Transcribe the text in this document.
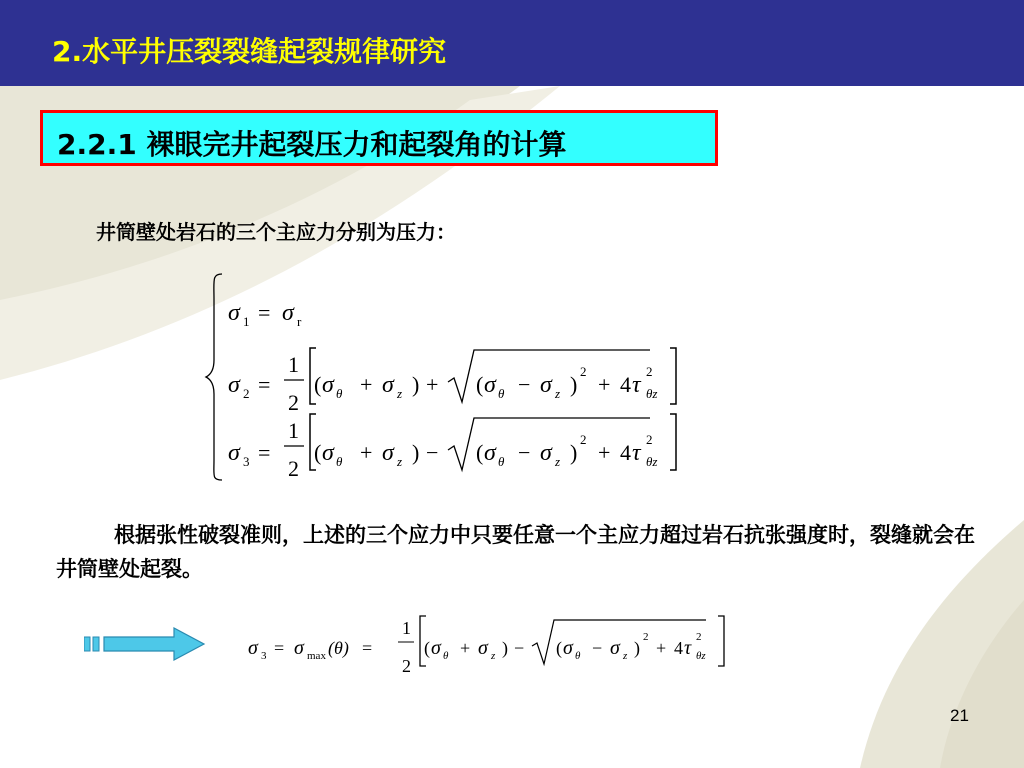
2.水平井压裂裂缝起裂规律研究
2.2.1 裸眼完井起裂压力和起裂角的计算
井筒壁处岩石的三个主应力分别为压力：
σ 1 = σ r
σ 2 =
1
2
( σ θ + σ z ) + ( σ θ − σ z )
2
+ 4 τ
2
θz
σ 3 =
1
2
( σ θ + σ z ) − ( σ θ − σ z )
2
+ 4 τ
2
θz
根据张性破裂准则，上述的三个应力中只要任意一个主应力超过岩石抗张强度时，裂缝就会在井筒壁处起裂。
σ 3 = σ max (θ) =
1
2
( σ θ + σ z ) − ( σ θ − σ z )
2
+ 4 τ 2
θz
21
